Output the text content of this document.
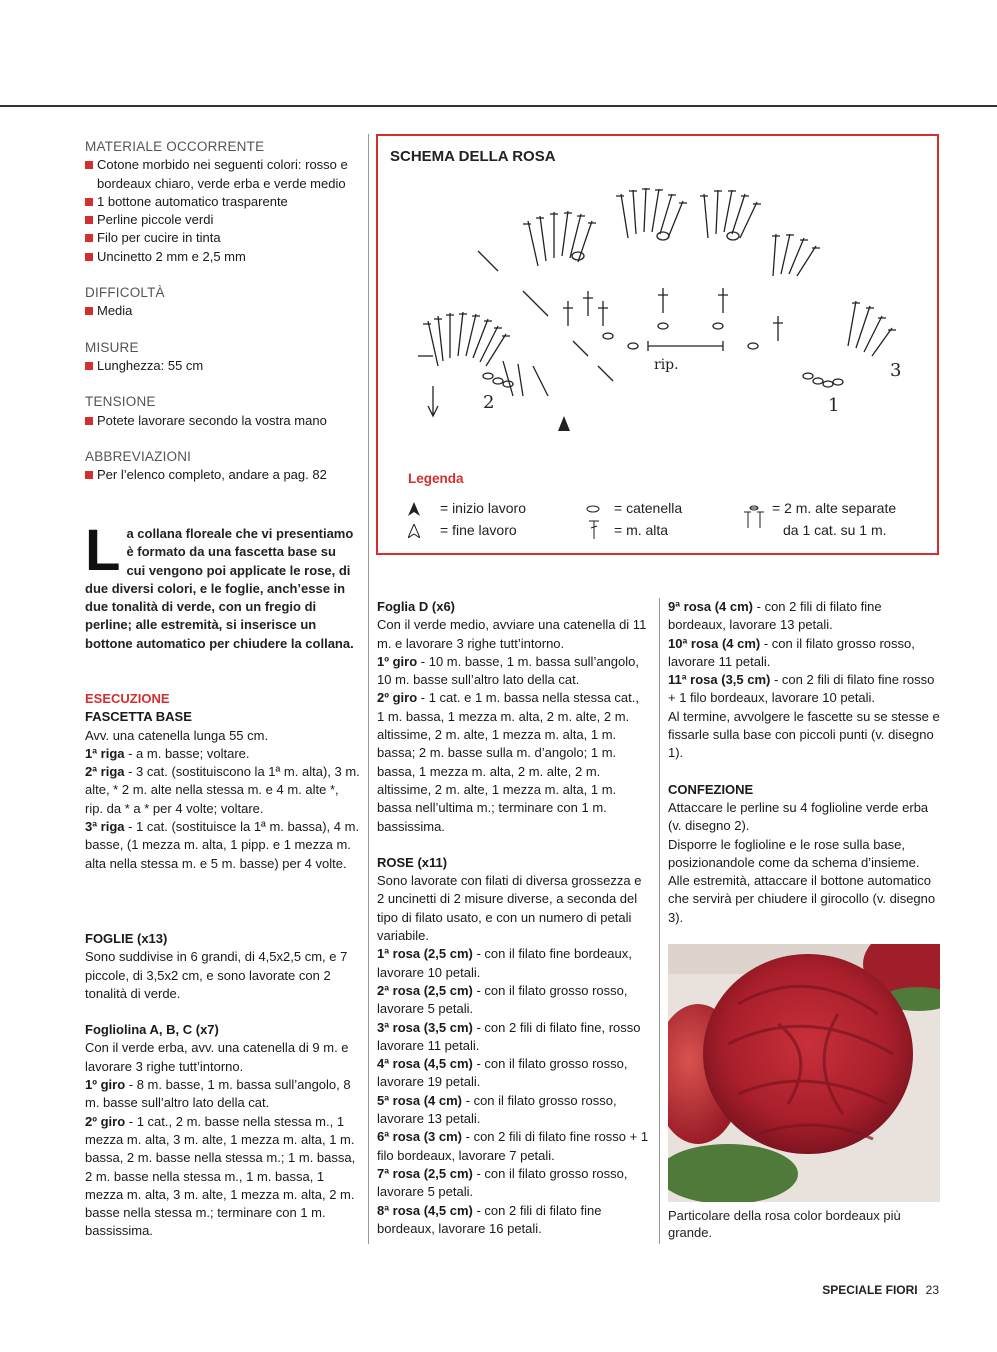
MATERIALE OCCORRENTE

Cotone morbido nei seguenti colori: rosso e bordeaux chiaro, verde erba e verde medio

1 bottone automatico trasparente

Perline piccole verdi

Filo per cucire in tinta

Uncinetto 2 mm e 2,5 mm

DIFFICOLTÀ

Media

MISURE

Lunghezza: 55 cm

TENSIONE

Potete lavorare secondo la vostra mano

ABBREVIAZIONI

Per l’elenco completo, andare a pag. 82

La collana floreale che vi presentiamo è formato da una fascetta base su cui vengono poi applicate le rose, di due diversi colori, e le foglie, anch’esse in due tonalità di verde, con un fregio di perline; alle estremità, si inserisce un bottone automatico per chiudere la collana.

ESECUZIONE

FASCETTA BASE

Avv. una catenella lunga 55 cm.

1ª riga - a m. basse; voltare.

2ª riga - 3 cat. (sostituiscono la 1ª m. alta), 3 m. alte, * 2 m. alte nella stessa m. e 4 m. alte *, rip. da * a * per 4 volte; voltare.

3ª riga - 1 cat. (sostituisce la 1ª m. bassa), 4 m. basse, (1 mezza m. alta, 1 pipp. e 1 mezza m. alta nella stessa m. e 5 m. basse) per 4 volte.

FOGLIE (x13)

Sono suddivise in 6 grandi, di 4,5x2,5 cm, e 7 piccole, di 3,5x2 cm, e sono lavorate con 2 tonalità di verde.

Fogliolina A, B, C (x7)

Con il verde erba, avv. una catenella di 9 m. e lavorare 3 righe tutt’intorno.

1º giro - 8 m. basse, 1 m. bassa sull’angolo, 8 m. basse sull’altro lato della cat.

2º giro - 1 cat., 2 m. basse nella stessa m., 1 mezza m. alta, 3 m. alte, 1 mezza m. alta, 1 m. bassa, 2 m. basse nella stessa m.; 1 m. bassa, 2 m. basse nella stessa m., 1 m. bassa, 1 mezza m. alta, 3 m. alte, 1 mezza m. alta, 2 m. basse nella stessa m.; terminare con 1 m. bassissima.

SCHEMA DELLA ROSA
2	1
3
rip.
Legenda
= inizio lavoro
= fine lavoro
= catenella
= m. alta
= 2 m. alte separate
da 1 cat. su 1 m.

Foglia D (x6)

Con il verde medio, avviare una catenella di 11 m. e lavorare 3 righe tutt’intorno.

1º giro - 10 m. basse, 1 m. bassa sull’angolo, 10 m. basse sull’altro lato della cat.

2º giro - 1 cat. e 1 m. bassa nella stessa cat., 1 m. bassa, 1 mezza m. alta, 2 m. alte, 2 m. altissime, 2 m. alte, 1 mezza m. alta, 1 m. bassa; 2 m. basse sulla m. d’angolo; 1 m. bassa, 1 mezza m. alta, 2 m. alte, 2 m. altissime, 2 m. alte, 1 mezza m. alta, 1 m. bassa nell’ultima m.; terminare con 1 m. bassissima.

ROSE (x11)

Sono lavorate con filati di diversa grossezza e 2 uncinetti di 2 misure diverse, a seconda del tipo di filato usato, e con un numero di petali variabile.

1ª rosa (2,5 cm) - con il filato fine bordeaux, lavorare 10 petali.

2ª rosa (2,5 cm) - con il filato grosso rosso, lavorare 5 petali.

3ª rosa (3,5 cm) - con 2 fili di filato fine, rosso lavorare 11 petali.

4ª rosa (4,5 cm) - con il filato grosso rosso, lavorare 19 petali.

5ª rosa (4 cm) - con il filato grosso rosso, lavorare 13 petali.

6ª rosa (3 cm) - con 2 fili di filato fine rosso + 1 filo bordeaux, lavorare 7 petali.

7ª rosa (2,5 cm) - con il filato grosso rosso, lavorare 5 petali.

8ª rosa (4,5 cm) - con 2 fili di filato fine bordeaux, lavorare 16 petali.

9ª rosa (4 cm) - con 2 fili di filato fine bordeaux, lavorare 13 petali.

10ª rosa (4 cm) - con il filato grosso rosso, lavorare 11 petali.

11ª rosa (3,5 cm) - con 2 fili di filato fine rosso + 1 filo bordeaux, lavorare 10 petali.

Al termine, avvolgere le fascette su se stesse e fissarle sulla base con piccoli punti (v. disegno 1).

CONFEZIONE

Attaccare le perline su 4 foglioline verde erba (v. disegno 2).

Disporre le foglioline e le rose sulla base, posizionandole come da schema d’insieme.

Alle estremità, attaccare il bottone automatico che servirà per chiudere il girocollo (v. disegno 3).

Particolare della rosa color bordeaux più grande.
SPECIALE FIORI 23
